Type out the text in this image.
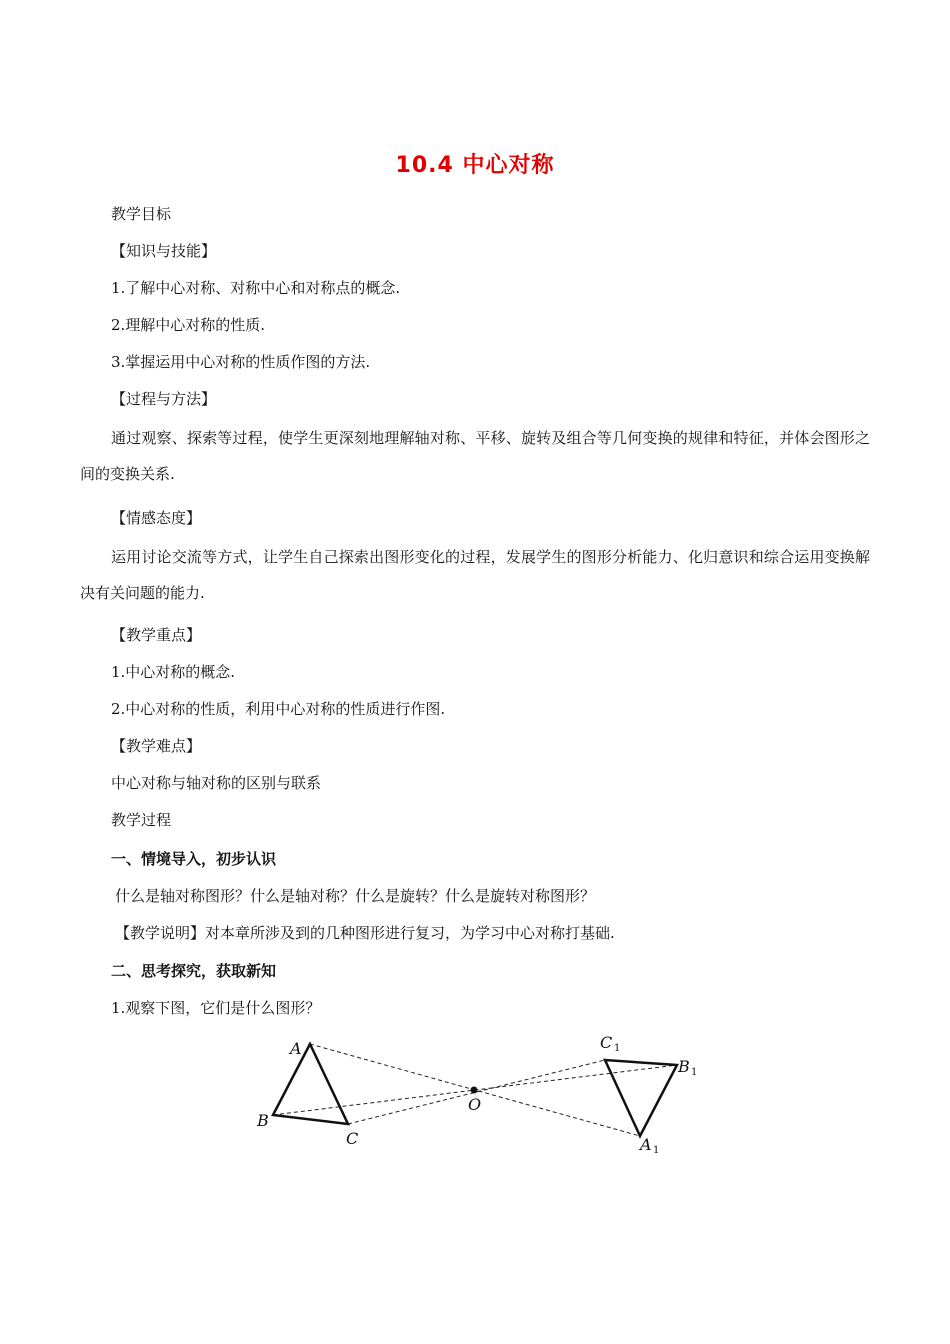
10.4 中心对称
教学目标
【知识与技能】
1.了解中心对称、对称中心和对称点的概念.
2.理解中心对称的性质.
3.掌握运用中心对称的性质作图的方法.
【过程与方法】
通过观察、探索等过程，使学生更深刻地理解轴对称、平移、旋转及组合等几何变换的规律和特征，并体会图形之间的变换关系.
【情感态度】
运用讨论交流等方式，让学生自己探索出图形变化的过程，发展学生的图形分析能力、化归意识和综合运用变换解决有关问题的能力.
【教学重点】
1.中心对称的概念.
2.中心对称的性质，利用中心对称的性质进行作图.
【教学难点】
中心对称与轴对称的区别与联系
教学过程
一、情境导入，初步认识
什么是轴对称图形？什么是轴对称？什么是旋转？什么是旋转对称图形？
【教学说明】对本章所涉及到的几种图形进行复习，为学习中心对称打基础.
二、思考探究，获取新知
1.观察下图，它们是什么图形？
A
B
C
O
C 1
B 1
A 1
